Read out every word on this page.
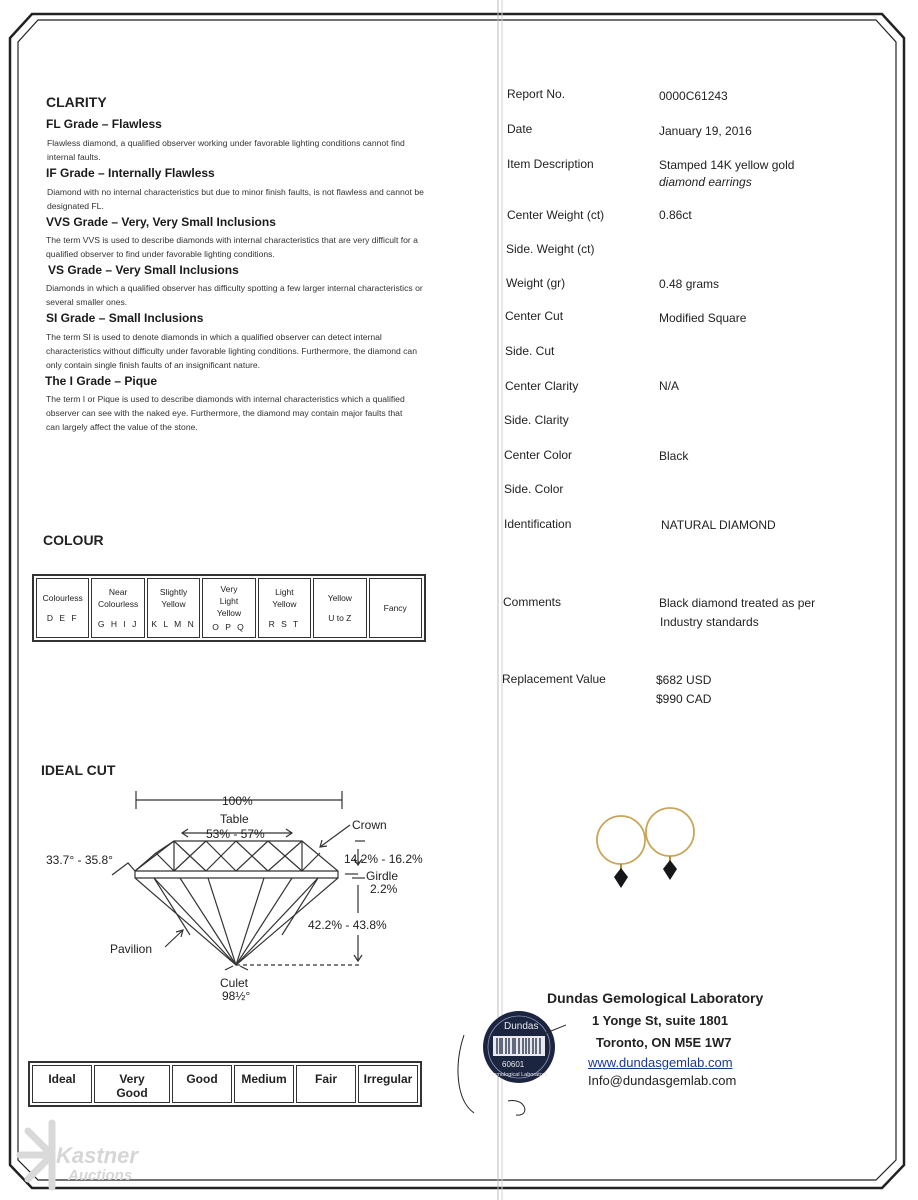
CLARITY
FL Grade – Flawless
Flawless diamond, a qualified observer working under favorable lighting conditions cannot find internal faults.
IF Grade – Internally Flawless
Diamond with no internal characteristics but due to minor finish faults, is not flawless and cannot be designated FL.
VVS Grade – Very, Very Small Inclusions
The term VVS is used to describe diamonds with internal characteristics that are very difficult for a qualified observer to find under favorable lighting conditions.
VS Grade – Very Small Inclusions
Diamonds in which a qualified observer has difficulty spotting a few larger internal characteristics or several smaller ones.
SI Grade – Small Inclusions
The term SI is used to denote diamonds in which a qualified observer can detect internal characteristics without difficulty under favorable lighting conditions. Furthermore, the diamond can only contain single finish faults of an insignificant nature.
The I Grade – Pique
The term I or Pique is used to describe diamonds with internal characteristics which a qualified observer can see with the naked eye. Furthermore, the diamond may contain major faults that can largely affect the value of the stone.
COLOUR
Colourless
D E F
Near Colourless
G H I J
Slightly Yellow
K L M N
Very Light Yellow
O P Q
Light Yellow
R S T
Yellow
U to Z
Fancy
IDEAL CUT
100%
Table
53% - 57%
Crown
33.7° - 35.8°	14.2% - 16.2%
Girdle
2.2%
42.2% - 43.8%
Pavilion
Culet
98½°
Ideal	Very Good
Good	Medium	Fair	Irregular
Report No.	0000C61243
Date	January 19, 2016
Item Description	Stamped 14K yellow gold
diamond earrings
Center Weight (ct)	0.86ct
Side. Weight (ct)
Weight (gr)	0.48 grams
Center Cut	Modified Square
Side. Cut
Center Clarity	N/A
Side. Clarity
Center Color	Black
Side. Color
Identification	NATURAL DIAMOND
Comments	Black diamond treated as per
Industry standards
Replacement Value	$682 USD
$990 CAD
Dundas Gemological Laboratory
1 Yonge St, suite 1801
Toronto, ON M5E 1W7
www.dundasgemlab.com
Info@dundasgemlab.com
Dundas
60601
Gemological Laboratory
Kastner
Auctions
